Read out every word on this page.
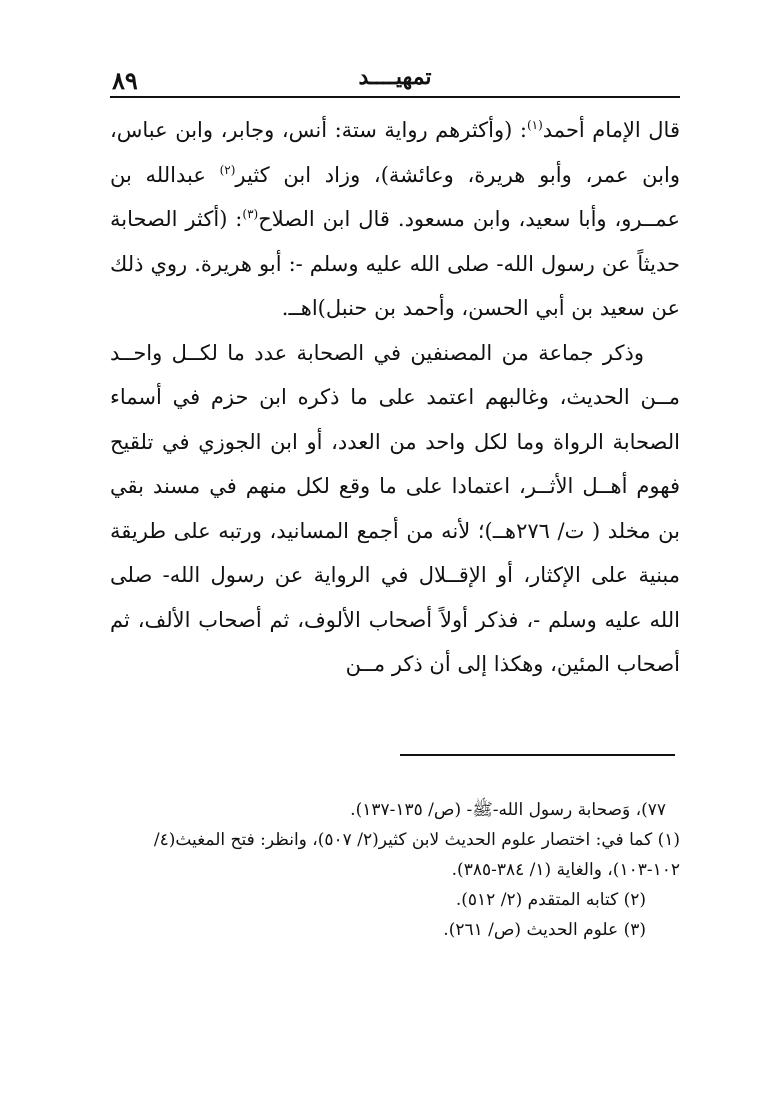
٨٩	تمهيــــد

قال الإمام أحمد$^{(١)}$: (وأكثرهم رواية ستة: أنس، وجابر، وابن عباس، وابن عمر، وأبو هريرة، وعائشة)، وزاد ابن كثير$^{(٢)}$ عبدالله بن عمــرو، وأبا سعيد، وابن مسعود. قال ابن الصلاح$^{(٣)}$: (أكثر الصحابة حديثاً عن رسول الله- صلى الله عليه وسلم -: أبو هريرة. روي ذلك عن سعيد بن أبي الحسن، وأحمد بن حنبل)اهــ.

وذكر جماعة من المصنفين في الصحابة عدد ما لكــل واحــد مــن الحديث، وغالبهم اعتمد على ما ذكره ابن حزم في أسماء الصحابة الرواة وما لكل واحد من العدد، أو ابن الجوزي في تلقيح فهوم أهــل الأثــر، اعتمادا على ما وقع لكل منهم في مسند بقي بن مخلد ( ت/ ٢٧٦هــ)؛ لأنه من أجمع المسانيد، ورتبه على طريقة مبنية على الإكثار، أو الإقــلال في الرواية عن رسول الله- صلى الله عليه وسلم -، فذكر أولاً أصحاب الألوف، ثم أصحاب الألف، ثم أصحاب المئين، وهكذا إلى أن ذكر مــن

٧٧)، وَصحابة رسول الله-ﷺ- (ص/ ١٣٥-١٣٧).

(١) كما في: اختصار علوم الحديث لابن كثير(٢/ ٥٠٧)، وانظر: فتح المغيث(٤/ ١٠٢-١٠٣)، والغاية (١/ ٣٨٤-٣٨٥).

(٢) كتابه المتقدم (٢/ ٥١٢).

(٣) علوم الحديث (ص/ ٢٦١).
